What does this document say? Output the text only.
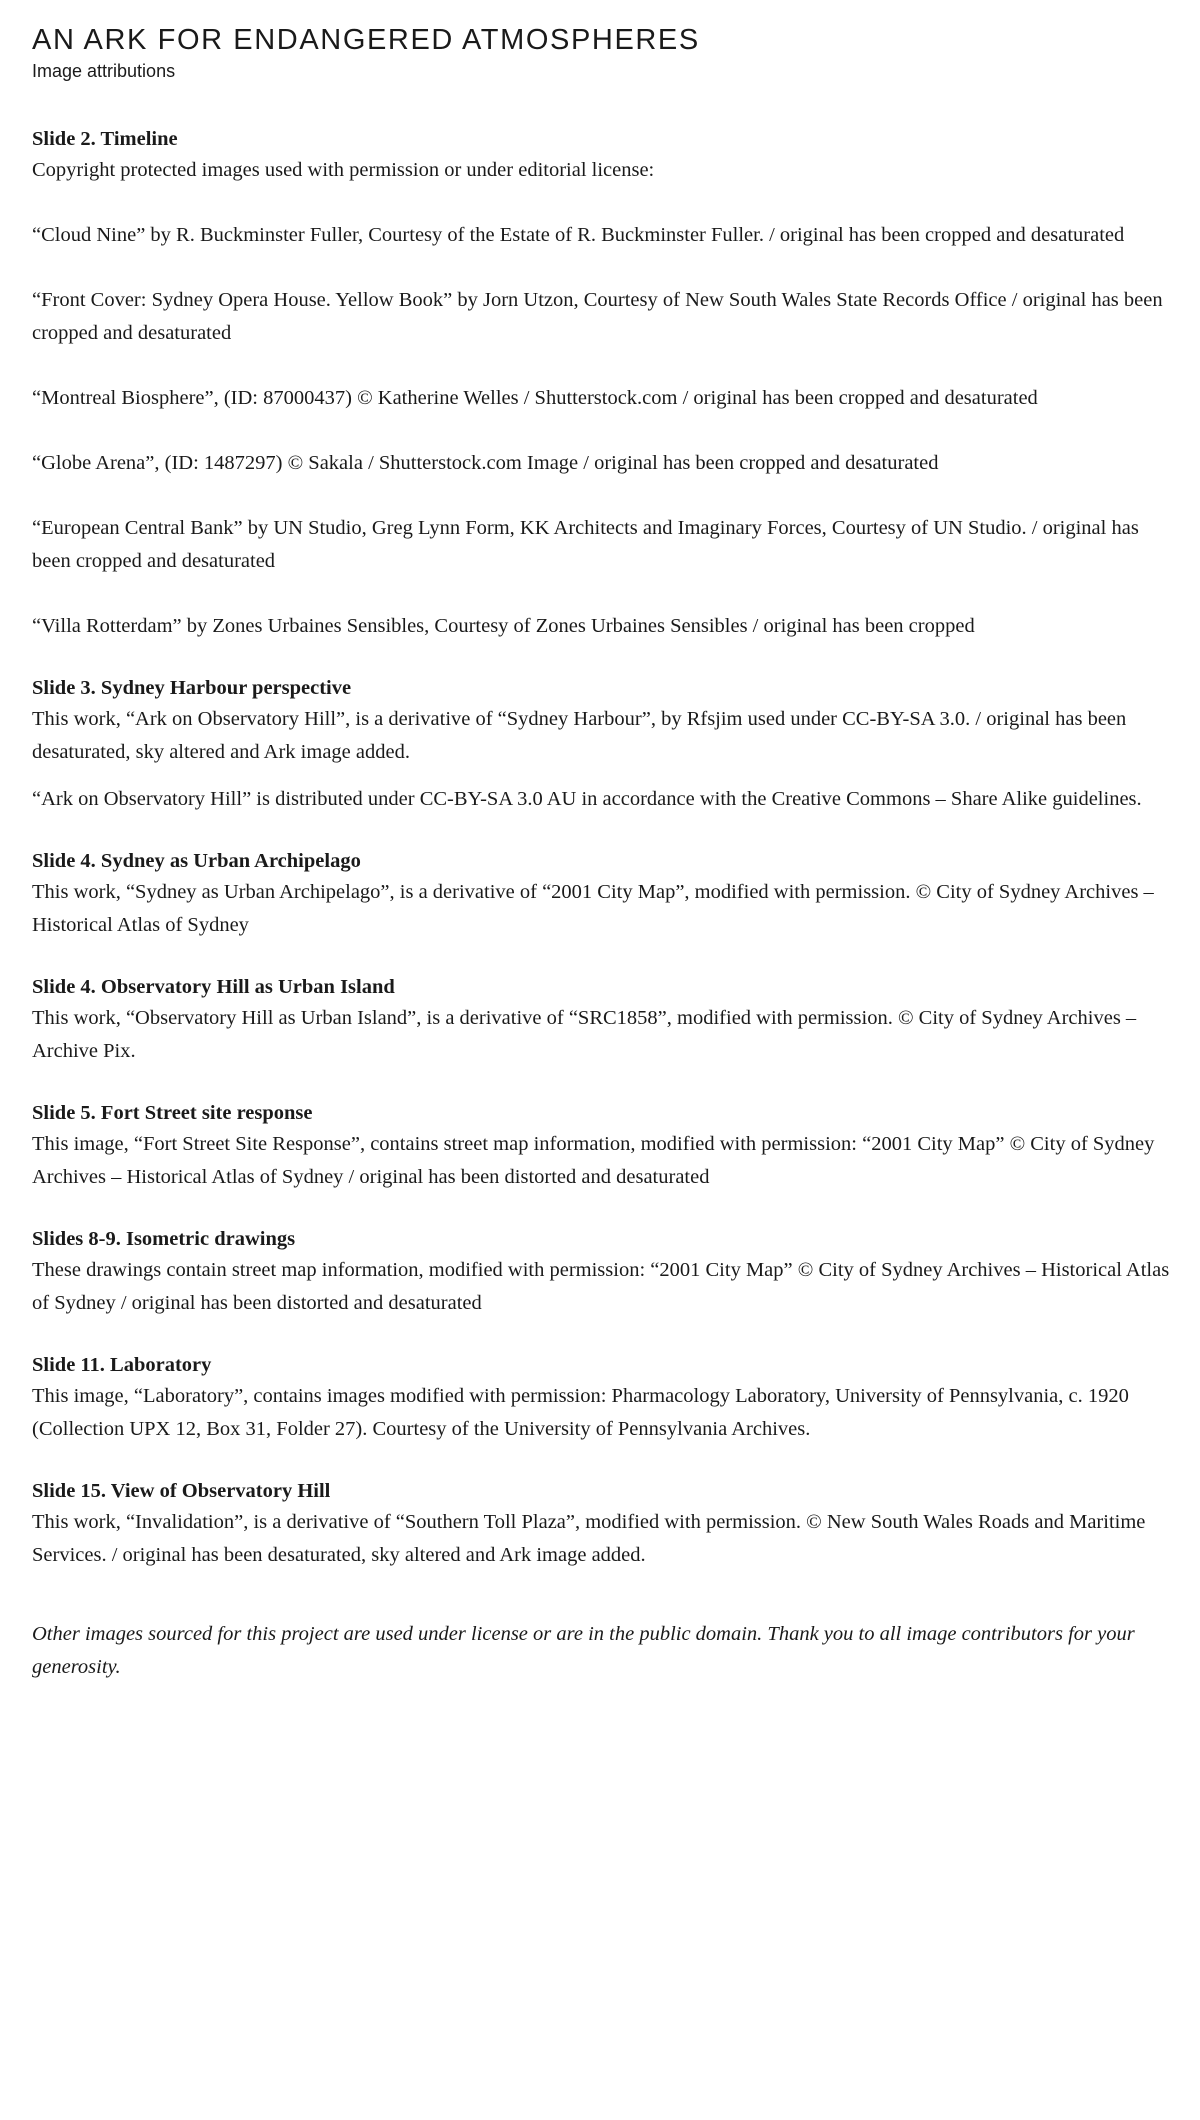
AN ARK FOR ENDANGERED ATMOSPHERES
Image attributions
Slide 2. Timeline

Copyright protected images used with permission or under editorial license:

“Cloud Nine” by R. Buckminster Fuller, Courtesy of the Estate of R. Buckminster Fuller. / original has been cropped and desaturated

“Front Cover: Sydney Opera House. Yellow Book” by Jorn Utzon, Courtesy of New South Wales State Records Office / original has been cropped and desaturated

“Montreal Biosphere”, (ID: 87000437) © Katherine Welles / Shutterstock.com / original has been cropped and desaturated

“Globe Arena”, (ID: 1487297) © Sakala / Shutterstock.com Image / original has been cropped and desaturated

“European Central Bank” by UN Studio, Greg Lynn Form, KK Architects and Imaginary Forces, Courtesy of UN Studio. / original has been cropped and desaturated

“Villa Rotterdam” by Zones Urbaines Sensibles, Courtesy of Zones Urbaines Sensibles / original has been cropped

Slide 3. Sydney Harbour perspective

This work, “Ark on Observatory Hill”, is a derivative of “Sydney Harbour”, by Rfsjim used under CC-BY-SA 3.0. / original has been desaturated, sky altered and Ark image added.

“Ark on Observatory Hill” is distributed under CC-BY-SA 3.0 AU in accordance with the Creative Commons – Share Alike guidelines.

Slide 4. Sydney as Urban Archipelago

This work, “Sydney as Urban Archipelago”, is a derivative of “2001 City Map”, modified with permission. © City of Sydney Archives – Historical Atlas of Sydney

Slide 4. Observatory Hill as Urban Island

This work, “Observatory Hill as Urban Island”, is a derivative of “SRC1858”, modified with permission. © City of Sydney Archives – Archive Pix.

Slide 5. Fort Street site response

This image, “Fort Street Site Response”, contains street map information, modified with permission: “2001 City Map” © City of Sydney Archives – Historical Atlas of Sydney / original has been distorted and desaturated

Slides 8-9. Isometric drawings

These drawings contain street map information, modified with permission: “2001 City Map” © City of Sydney Archives – Historical Atlas of Sydney / original has been distorted and desaturated

Slide 11. Laboratory

This image, “Laboratory”, contains images modified with permission: Pharmacology Laboratory, University of Pennsylvania, c. 1920 (Collection UPX 12, Box 31, Folder 27). Courtesy of the University of Pennsylvania Archives.

Slide 15. View of Observatory Hill

This work, “Invalidation”, is a derivative of “Southern Toll Plaza”, modified with permission. © New South Wales Roads and Maritime Services. / original has been desaturated, sky altered and Ark image added.

Other images sourced for this project are used under license or are in the public domain. Thank you to all image contributors for your generosity.
